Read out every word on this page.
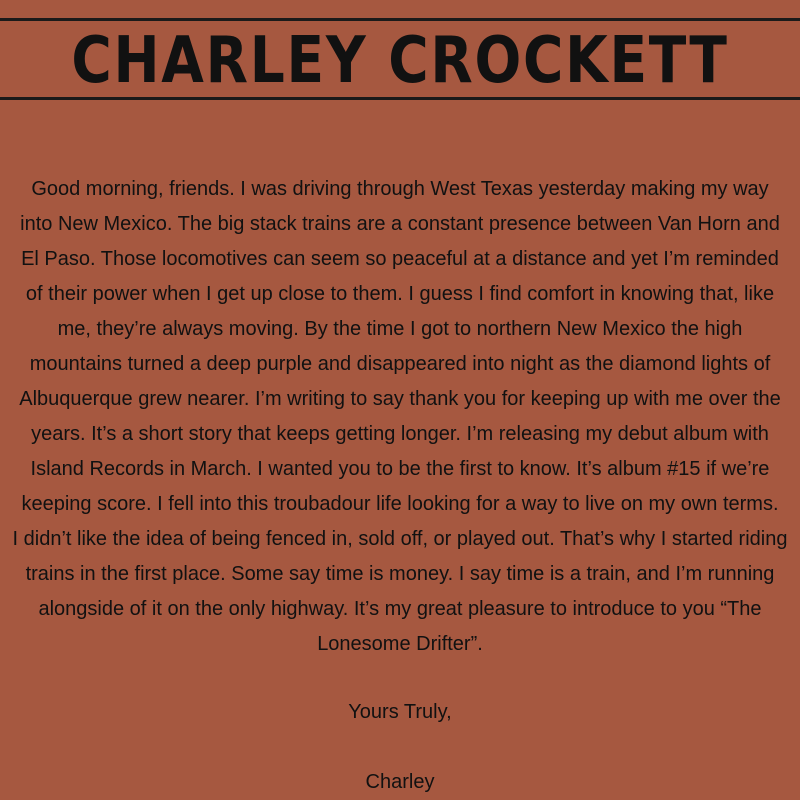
CHARLEY CROCKETT

Good morning, friends. I was driving through West Texas yesterday making my way
into New Mexico. The big stack trains are a constant presence between Van Horn and
El Paso. Those locomotives can seem so peaceful at a distance and yet I’m reminded
of their power when I get up close to them. I guess I find comfort in knowing that, like
me, they’re always moving. By the time I got to northern New Mexico the high
mountains turned a deep purple and disappeared into night as the diamond lights of
Albuquerque grew nearer. I’m writing to say thank you for keeping up with me over the
years. It’s a short story that keeps getting longer. I’m releasing my debut album with
Island Records in March. I wanted you to be the first to know. It’s album #15 if we’re
keeping score. I fell into this troubadour life looking for a way to live on my own terms.
I didn’t like the idea of being fenced in, sold off, or played out. That’s why I started riding
trains in the first place. Some say time is money. I say time is a train, and I’m running
alongside of it on the only highway. It’s my great pleasure to introduce to you “The
Lonesome Drifter”.

Yours Truly,

Charley
